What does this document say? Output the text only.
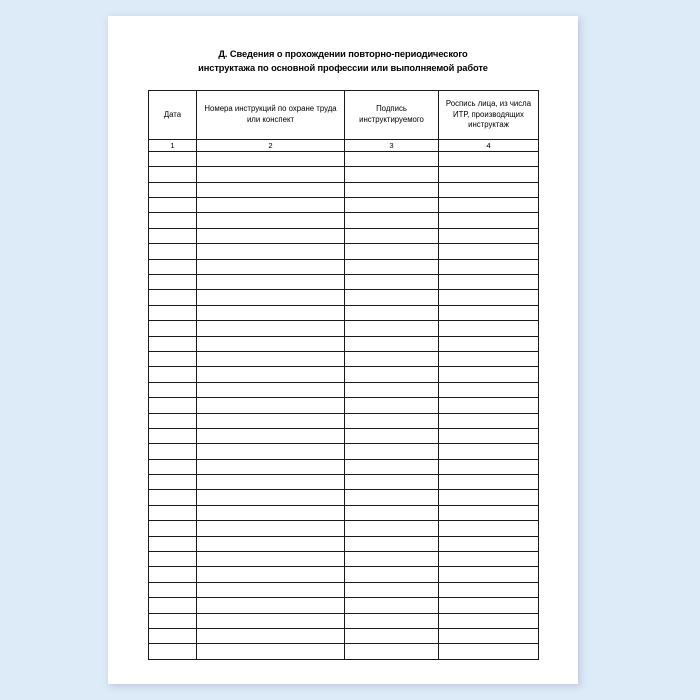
Д. Сведения о прохождении повторно-периодического
инструктажа по основной профессии или выполняемой работе
Дата	Номера инструкций по охране труда или конспект	Подпись инструктируемого	Роспись лица, из числа ИТР, производящих инструктаж
1	2	3	4
